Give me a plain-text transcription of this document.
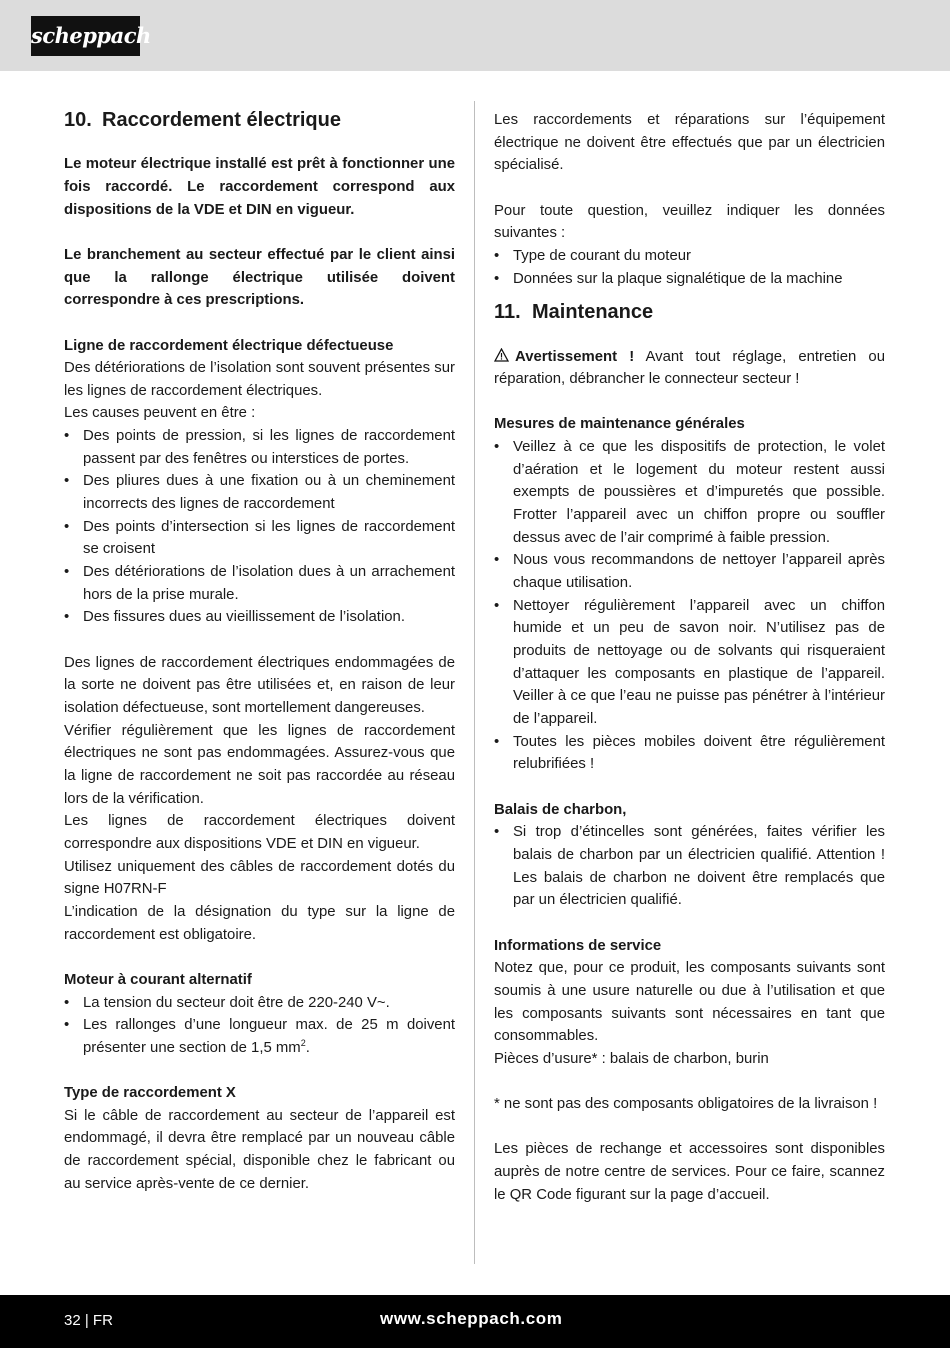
scheppach
10. Raccordement électrique

Le moteur électrique installé est prêt à fonctionner une fois raccordé. Le raccordement correspond aux dispositions de la VDE et DIN en vigueur.

Le branchement au secteur effectué par le client ainsi que la rallonge électrique utilisée doivent correspondre à ces prescriptions.

Ligne de raccordement électrique défectueuse

Des détériorations de l’isolation sont souvent présentes sur les lignes de raccordement électriques.

Les causes peuvent en être :

• Des points de pression, si les lignes de raccordement passent par des fenêtres ou interstices de portes.
• Des pliures dues à une fixation ou à un cheminement incorrects des lignes de raccordement
• Des points d’intersection si les lignes de raccordement se croisent
• Des détériorations de l’isolation dues à un arrachement hors de la prise murale.
• Des fissures dues au vieillissement de l’isolation.

Des lignes de raccordement électriques endommagées de la sorte ne doivent pas être utilisées et, en raison de leur isolation défectueuse, sont mortellement dangereuses.

Vérifier régulièrement que les lignes de raccordement électriques ne sont pas endommagées. Assurez-vous que la ligne de raccordement ne soit pas raccordée au réseau lors de la vérification.

Les lignes de raccordement électriques doivent correspondre aux dispositions VDE et DIN en vigueur.

Utilisez uniquement des câbles de raccordement dotés du signe H07RN-F

L’indication de la désignation du type sur la ligne de raccordement est obligatoire.

Moteur à courant alternatif

• La tension du secteur doit être de 220-240 V~.
• Les rallonges d’une longueur max. de 25 m doivent présenter une section de 1,5 $mm^2$.

Type de raccordement X

Si le câble de raccordement au secteur de l’appareil est endommagé, il devra être remplacé par un nouveau câble de raccordement spécial, disponible chez le fabricant ou au service après-vente de ce dernier.

Les raccordements et réparations sur l’équipement électrique ne doivent être effectués que par un électricien spécialisé.

Pour toute question, veuillez indiquer les données suivantes :

• Type de courant du moteur
• Données sur la plaque signalétique de la machine
11. Maintenance

Avertissement ! Avant tout réglage, entretien ou réparation, débrancher le connecteur secteur !

Mesures de maintenance générales

• Veillez à ce que les dispositifs de protection, le volet d’aération et le logement du moteur restent aussi exempts de poussières et d’impuretés que possible. Frotter l’appareil avec un chiffon propre ou souffler dessus avec de l’air comprimé à faible pression.
• Nous vous recommandons de nettoyer l’appareil après chaque utilisation.
• Nettoyer régulièrement l’appareil avec un chiffon humide et un peu de savon noir. N’utilisez pas de produits de nettoyage ou de solvants qui risqueraient d’attaquer les composants en plastique de l’appareil. Veiller à ce que l’eau ne puisse pas pénétrer à l’intérieur de l’appareil.
• Toutes les pièces mobiles doivent être régulièrement relubrifiées !

Balais de charbon,

• Si trop d’étincelles sont générées, faites vérifier les balais de charbon par un électricien qualifié. Attention ! Les balais de charbon ne doivent être remplacés que par un électricien qualifié.

Informations de service

Notez que, pour ce produit, les composants suivants sont soumis à une usure naturelle ou due à l’utilisation et que les composants suivants sont nécessaires en tant que consommables.

Pièces d’usure* : balais de charbon, burin

* ne sont pas des composants obligatoires de la livraison !

Les pièces de rechange et accessoires sont disponibles auprès de notre centre de services. Pour ce faire, scannez le QR Code figurant sur la page d’accueil.

32 | FR	www.scheppach.com
